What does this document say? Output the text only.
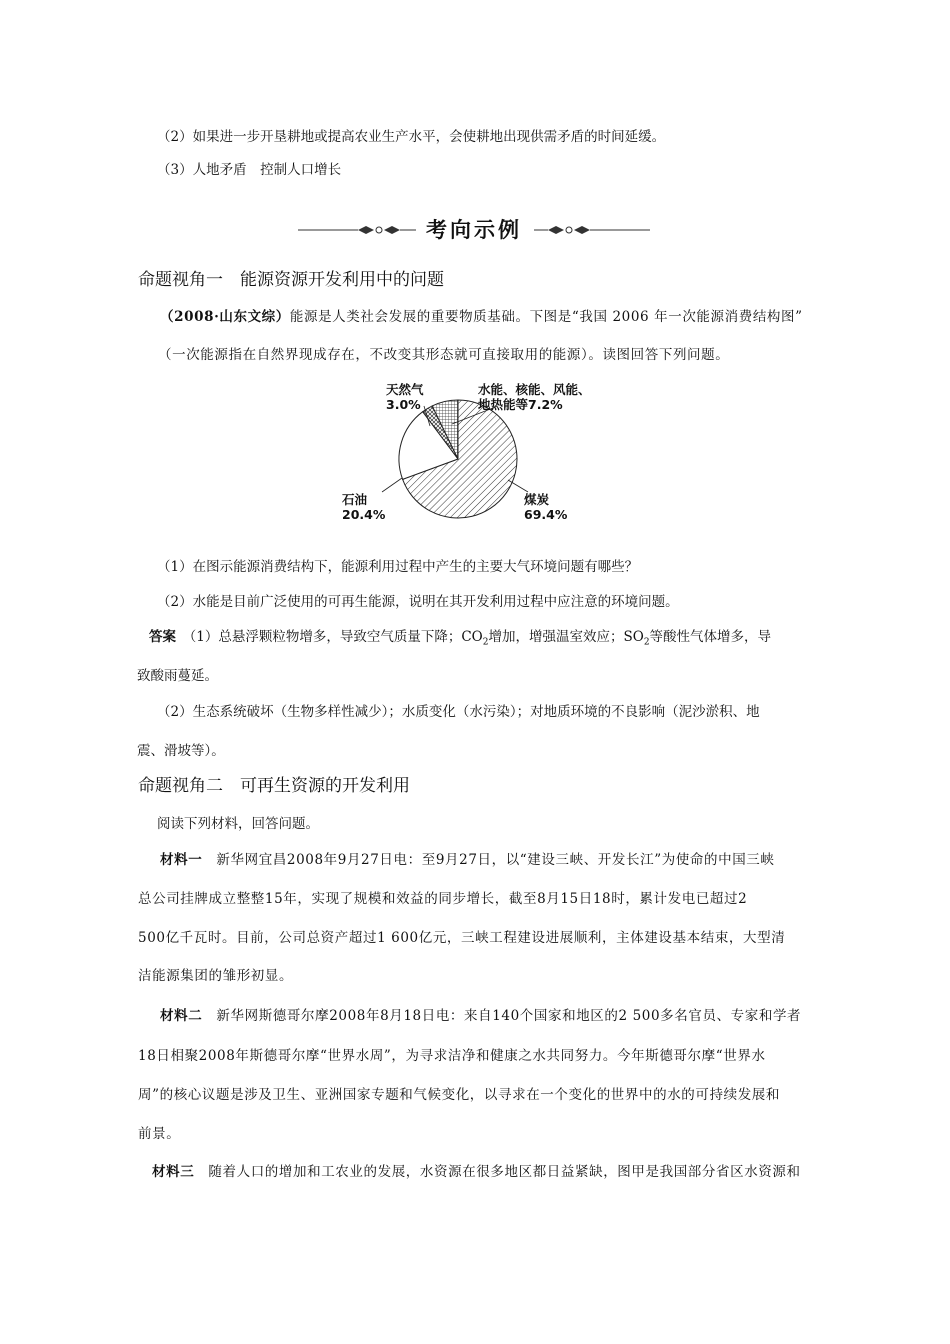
（2）如果进一步开垦耕地或提高农业生产水平，会使耕地出现供需矛盾的时间延缓。
（3）人地矛盾　控制人口增长
考向示例
命题视角一　能源资源开发利用中的问题
（2008·山东文综）能源是人类社会发展的重要物质基础。下图是“我国 2006 年一次能源消费结构图”
（一次能源指在自然界现成存在，不改变其形态就可直接取用的能源）。读图回答下列问题。
天然气
3.0%
水能、核能、风能、
地热能等7.2%
石油
20.4%
煤炭
69.4%
（1）在图示能源消费结构下，能源利用过程中产生的主要大气环境问题有哪些？
（2）水能是目前广泛使用的可再生能源，说明在其开发利用过程中应注意的环境问题。
答案　（1）总悬浮颗粒物增多，导致空气质量下降；$CO_2$增加，增强温室效应；$SO_2$等酸性气体增多，导
致酸雨蔓延。
（2）生态系统破坏（生物多样性减少）；水质变化（水污染）；对地质环境的不良影响（泥沙淤积、地
震、滑坡等）。
命题视角二　可再生资源的开发利用
阅读下列材料，回答问题。
材料一　新华网宜昌2008年9月27日电：至9月27日，以“建设三峡、开发长江”为使命的中国三峡
总公司挂牌成立整整15年，实现了规模和效益的同步增长，截至8月15日18时，累计发电已超过2
500亿千瓦时。目前，公司总资产超过1 600亿元，三峡工程建设进展顺利，主体建设基本结束，大型清
洁能源集团的雏形初显。
材料二　新华网斯德哥尔摩2008年8月18日电：来自140个国家和地区的2 500多名官员、专家和学者
18日相聚2008年斯德哥尔摩“世界水周”，为寻求洁净和健康之水共同努力。今年斯德哥尔摩“世界水
周”的核心议题是涉及卫生、亚洲国家专题和气候变化，以寻求在一个变化的世界中的水的可持续发展和
前景。
材料三　随着人口的增加和工农业的发展，水资源在很多地区都日益紧缺，图甲是我国部分省区水资源和
